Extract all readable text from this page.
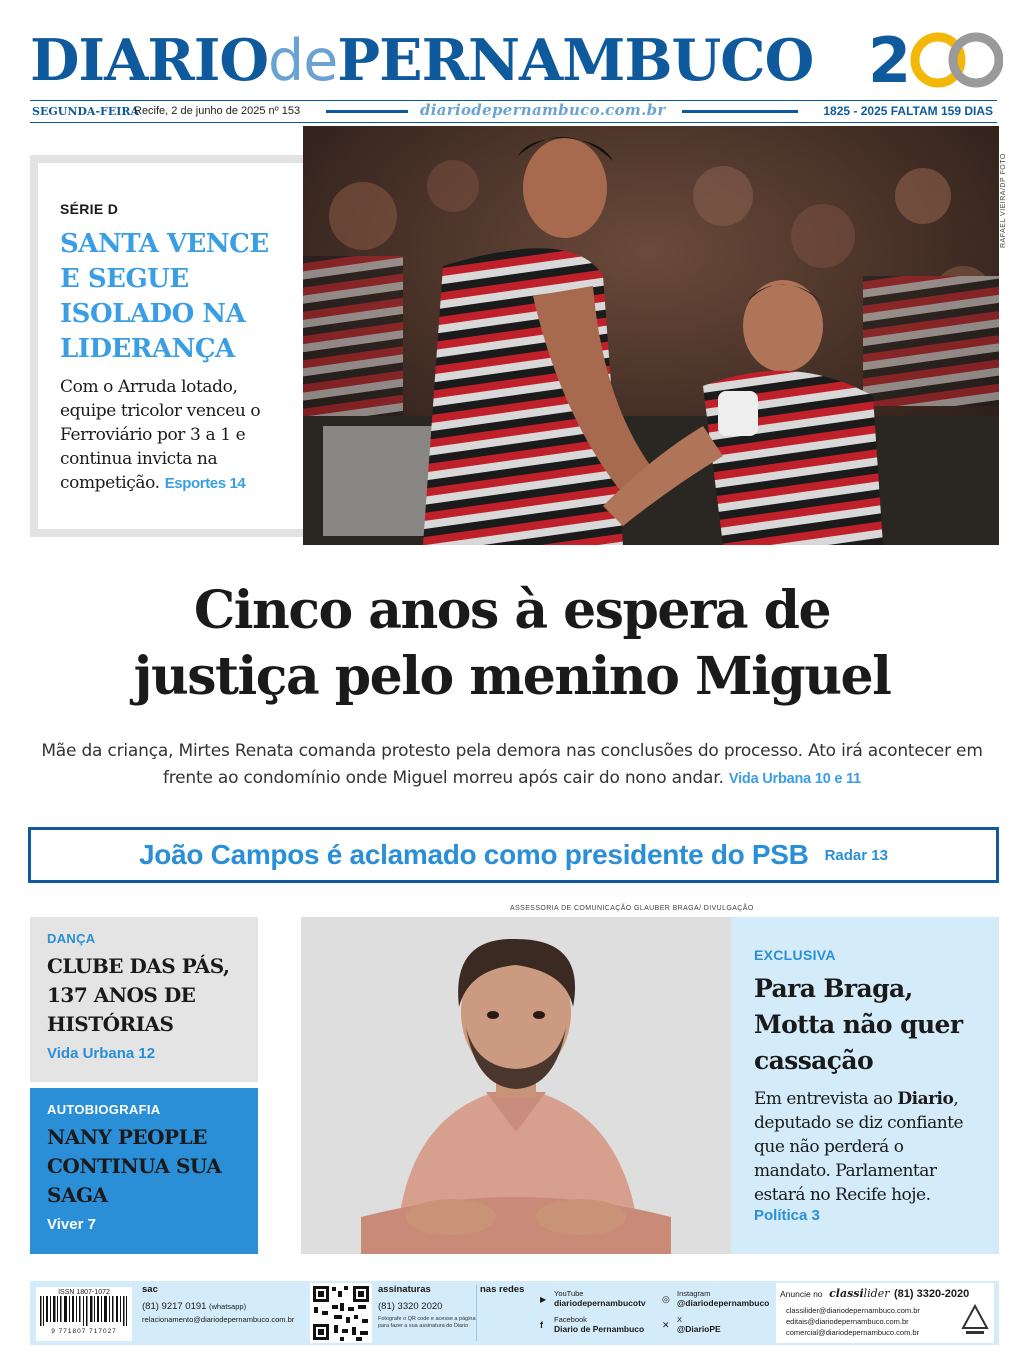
DIARIOdePERNAMBUCO 2
SEGUNDA-FEIRA
Recife, 2 de junho de 2025 nº 153	diariodepernambuco.com.br	1825 - 2025 FALTAM 159 DIAS
SÉRIE D
SANTA VENCE E SEGUE ISOLADO NA LIDERANÇA
Com o Arruda lotado, equipe tricolor venceu o Ferroviário por 3 a 1 e continua invicta na competição. Esportes 14
RAFAEL VIEIRA/DP FOTO
Cinco anos à espera de
justiça pelo menino Miguel
Mãe da criança, Mirtes Renata comanda protesto pela demora nas conclusões do processo. Ato irá acontecer em frente ao condomínio onde Miguel morreu após cair do nono andar. Vida Urbana 10 e 11
João Campos é aclamado como presidente do PSB Radar 13
DANÇA
CLUBE DAS PÁS, 137 ANOS DE HISTÓRIAS
Vida Urbana 12
AUTOBIOGRAFIA
NANY PEOPLE CONTINUA SUA SAGA
Viver 7
ASSESSORIA DE COMUNICAÇÃO GLAUBER BRAGA/ DIVULGAÇÃO
EXCLUSIVA
Para Braga, Motta não quer cassação
Em entrevista ao Diario, deputado se diz confiante que não perderá o mandato. Parlamentar estará no Recife hoje.
Política 3
ISSN 1807-1072
9 771807 717027
sac
(81) 9217 0191 (whatsapp)
relacionamento@diariodepernambuco.com.br
assinaturas
(81) 3320 2020
Fotografe o QR code e acesse a página para fazer a sua assinatura do Diario
nas redes
▶
YouTube
diariodepernambucotv
f
Facebook
Diario de Pernambuco
◎
Instagram
@diariodepernambuco
✕
X
@DiarioPE
Anuncie no classilider (81) 3320-2020
classilider@diariodepernambuco.com.br
editais@diariodepernambuco.com.br
comercial@diariodepernambuco.com.br
